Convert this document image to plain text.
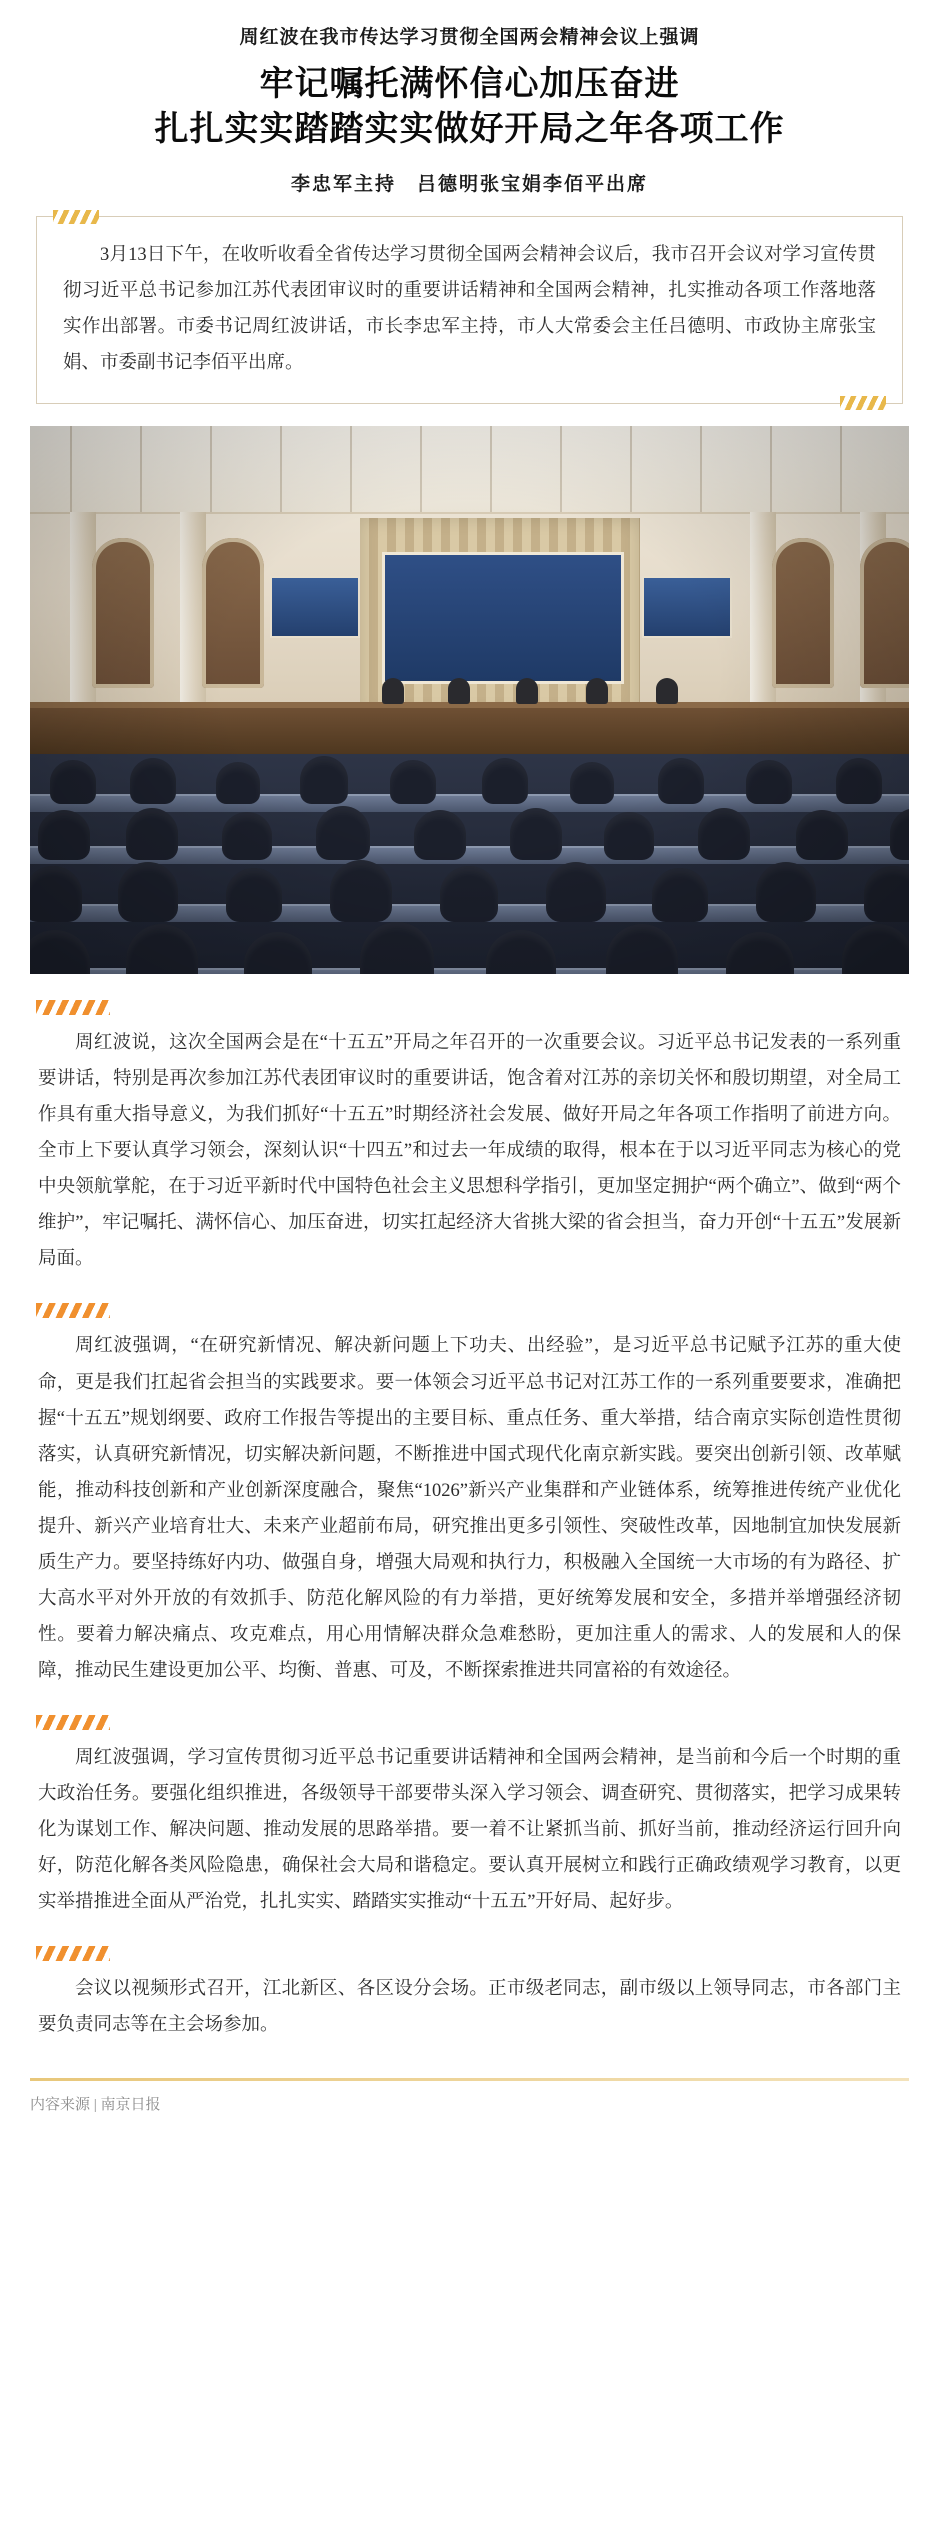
周红波在我市传达学习贯彻全国两会精神会议上强调
牢记嘱托满怀信心加压奋进
扎扎实实踏踏实实做好开局之年各项工作
李忠军主持　吕德明张宝娟李佰平出席
3月13日下午，在收听收看全省传达学习贯彻全国两会精神会议后，我市召开会议对学习宣传贯彻习近平总书记参加江苏代表团审议时的重要讲话精神和全国两会精神，扎实推动各项工作落地落实作出部署。市委书记周红波讲话，市长李忠军主持，市人大常委会主任吕德明、市政协主席张宝娟、市委副书记李佰平出席。

周红波说，这次全国两会是在“十五五”开局之年召开的一次重要会议。习近平总书记发表的一系列重要讲话，特别是再次参加江苏代表团审议时的重要讲话，饱含着对江苏的亲切关怀和殷切期望，对全局工作具有重大指导意义，为我们抓好“十五五”时期经济社会发展、做好开局之年各项工作指明了前进方向。全市上下要认真学习领会，深刻认识“十四五”和过去一年成绩的取得，根本在于以习近平同志为核心的党中央领航掌舵，在于习近平新时代中国特色社会主义思想科学指引，更加坚定拥护“两个确立”、做到“两个维护”，牢记嘱托、满怀信心、加压奋进，切实扛起经济大省挑大梁的省会担当，奋力开创“十五五”发展新局面。

周红波强调，“在研究新情况、解决新问题上下功夫、出经验”，是习近平总书记赋予江苏的重大使命，更是我们扛起省会担当的实践要求。要一体领会习近平总书记对江苏工作的一系列重要要求，准确把握“十五五”规划纲要、政府工作报告等提出的主要目标、重点任务、重大举措，结合南京实际创造性贯彻落实，认真研究新情况，切实解决新问题，不断推进中国式现代化南京新实践。要突出创新引领、改革赋能，推动科技创新和产业创新深度融合，聚焦“1026”新兴产业集群和产业链体系，统筹推进传统产业优化提升、新兴产业培育壮大、未来产业超前布局，研究推出更多引领性、突破性改革，因地制宜加快发展新质生产力。要坚持练好内功、做强自身，增强大局观和执行力，积极融入全国统一大市场的有为路径、扩大高水平对外开放的有效抓手、防范化解风险的有力举措，更好统筹发展和安全，多措并举增强经济韧性。要着力解决痛点、攻克难点，用心用情解决群众急难愁盼，更加注重人的需求、人的发展和人的保障，推动民生建设更加公平、均衡、普惠、可及，不断探索推进共同富裕的有效途径。

周红波强调，学习宣传贯彻习近平总书记重要讲话精神和全国两会精神，是当前和今后一个时期的重大政治任务。要强化组织推进，各级领导干部要带头深入学习领会、调查研究、贯彻落实，把学习成果转化为谋划工作、解决问题、推动发展的思路举措。要一着不让紧抓当前、抓好当前，推动经济运行回升向好，防范化解各类风险隐患，确保社会大局和谐稳定。要认真开展树立和践行正确政绩观学习教育，以更实举措推进全面从严治党，扎扎实实、踏踏实实推动“十五五”开好局、起好步。

会议以视频形式召开，江北新区、各区设分会场。正市级老同志，副市级以上领导同志，市各部门主要负责同志等在主会场参加。

内容来源 | 南京日报
